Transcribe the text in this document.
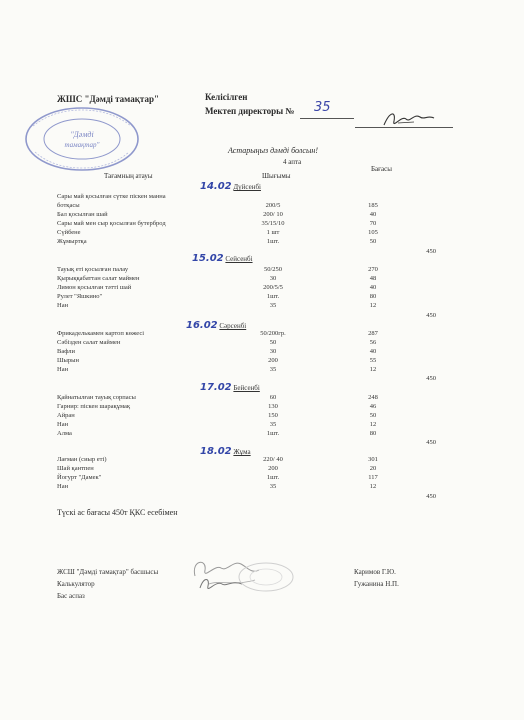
ЖШС "Дәмді тамақтар"	Келісілген
Мектеп директоры № 35
"Дәмді
тамақтар"
Астарыңыз дәмді болсын!
4 апта
Тағамның атауы	Шығымы
Бағасы
14.02 Дүйсенбі
Сары май қосылған сүтке піскен манна
ботқасы	200/5	185
Бал қосылған шай	200/ 10	40
Сары май мен сыр қосылған бутерброд	35/15/10	70
Сүйбене	1 шт	105
Жұмыртқа	1шт.	50
450
15.02 Сейсенбі
Тауық еті қосылған палау	50/250	270
Қырыққабаттан салат маймен	30	48
Лимон қосылған тәтті шай	200/5/5	40
Рулет "Яшкино"	1шт.	80
Нан	35	12
450
16.02 Сәрсенбі
Фрикаделькамен картоп көжесі	50/200гр.	287
Сәбізден салат маймен	50	56
Вафли	30	40
Шырын	200	55
Нан	35	12
450
17.02 Бейсенбі
Қайнатылған тауық сорпасы	60	248
Гарнир: піскен шарақұмақ	130	46
Айран	150	50
Нан	35	12
Алма	1шт.	80
450
18.02 Жұма
Лағман (сиыр еті)	220/ 40	301
Шай қантпен	200	20
Йогурт "Дамек"	1шт.	117
Нан	35	12
450
Түскі ас бағасы 450т ҚКС есебімен
ЖСШ "Дәмді тамақтар" басшысы
Калькулятор
Бас аспаз
Каримов Г.Ю.
Гужанина Н.П.
